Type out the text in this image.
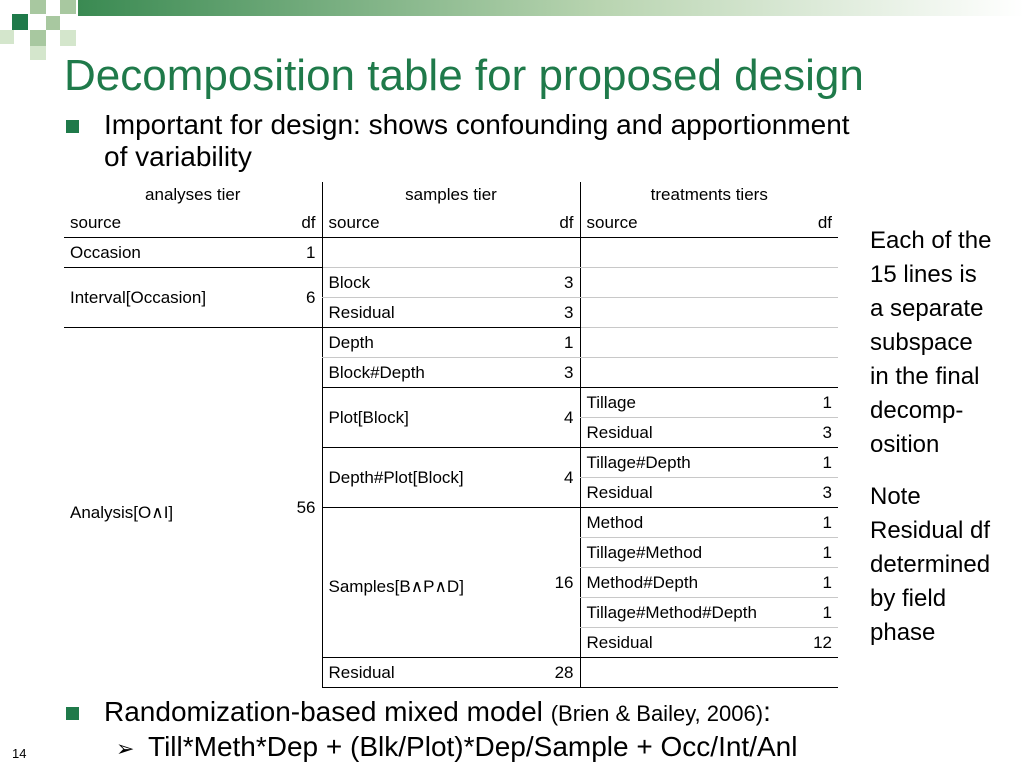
Decomposition table for proposed design
Important for design: shows confounding and apportionment
of variability
analyses tier		samples tier		treatments tiers	
source	df	source	df	source	df
Occasion	1				
Interval[Occasion]	6	Block	3		
		Residual	3		
Analysis[O∧I]	56	Depth	1		
		Block#Depth	3		
		Plot[Block]	4	Tillage	1
				Residual	3
		Depth#Plot[Block]	4	Tillage#Depth	1
				Residual	3
		Samples[B∧P∧D]	16	Method	1
				Tillage#Method	1
				Method#Depth	1
				Tillage#Method#Depth	1
				Residual	12
		Residual	28		
Each of the
15 lines is
a separate
subspace
in the final
decomp-
osition
Note
Residual df
determined
by field
phase
Randomization-based mixed model (Brien & Bailey, 2006):
➢ Till*Meth*Dep + (Blk/Plot)*Dep/Sample + Occ/Int/Anl
14
